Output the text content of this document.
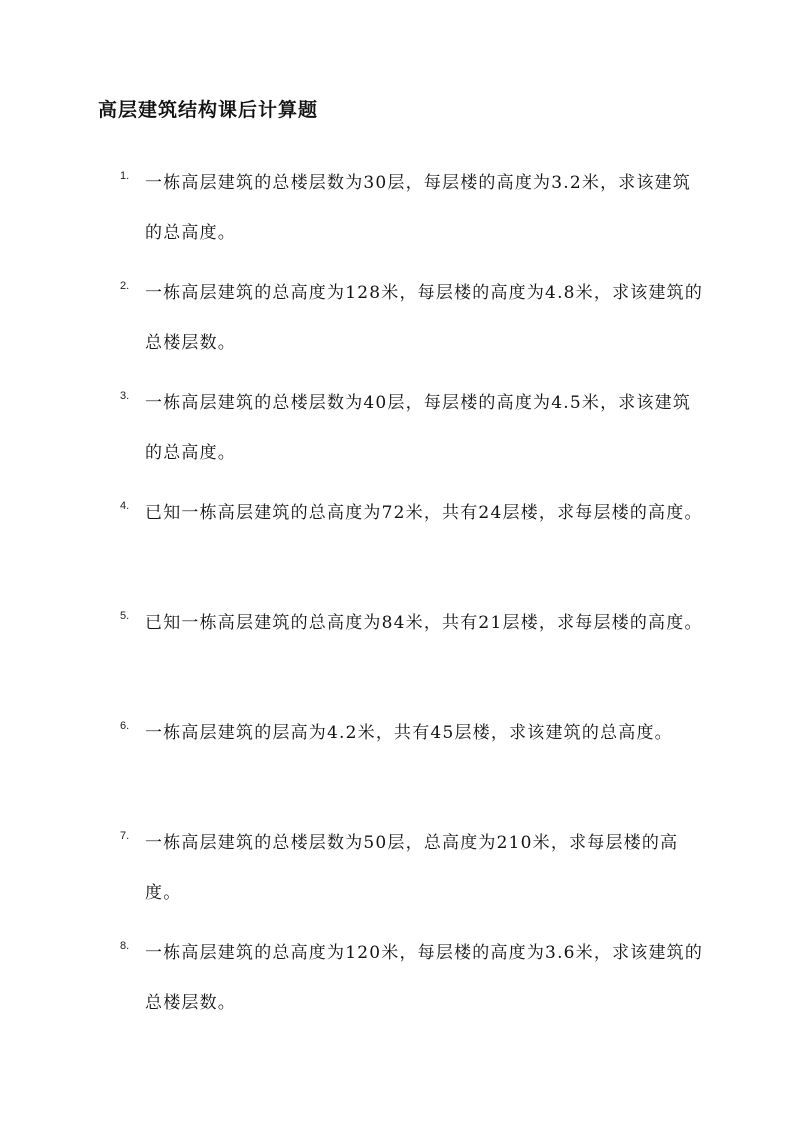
高层建筑结构课后计算题
1. 一栋高层建筑的总楼层数为30层，每层楼的高度为3.2米，求该建筑的总高度。

2. 一栋高层建筑的总高度为128米，每层楼的高度为4.8米，求该建筑的总楼层数。

3. 一栋高层建筑的总楼层数为40层，每层楼的高度为4.5米，求该建筑的总高度。

4. 已知一栋高层建筑的总高度为72米，共有24层楼，求每层楼的高度。

5. 已知一栋高层建筑的总高度为84米，共有21层楼，求每层楼的高度。

6. 一栋高层建筑的层高为4.2米，共有45层楼，求该建筑的总高度。

7. 一栋高层建筑的总楼层数为50层，总高度为210米，求每层楼的高度。

8. 一栋高层建筑的总高度为120米，每层楼的高度为3.6米，求该建筑的总楼层数。
